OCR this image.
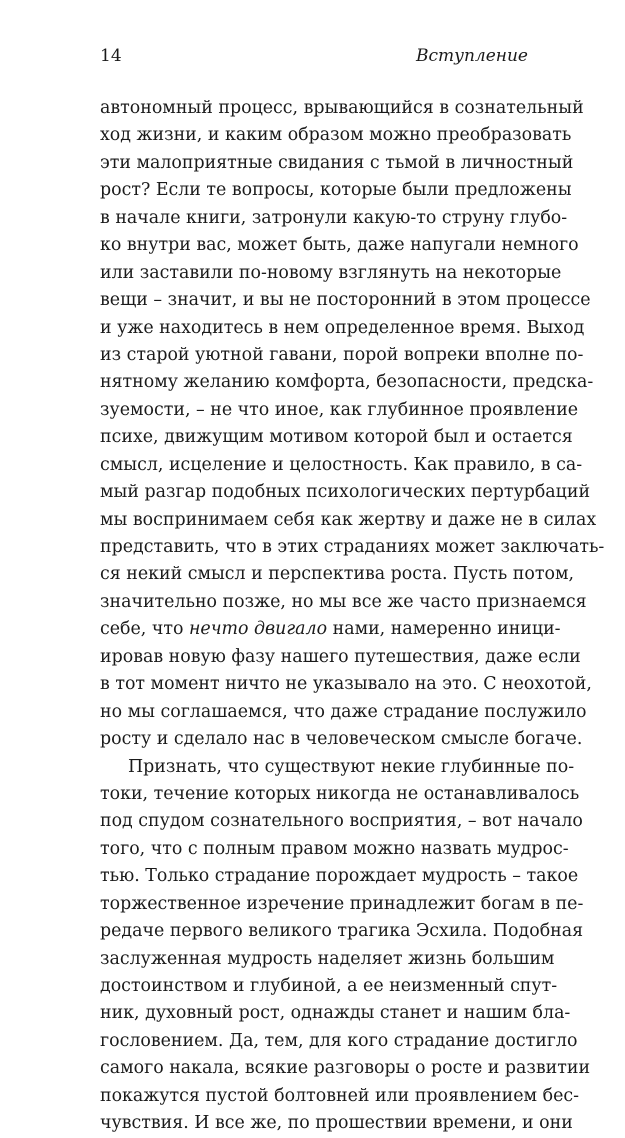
14	Вступление
автономный процесс, врывающийся в сознательный
ход жизни, и каким образом можно преобразовать
эти малоприятные свидания с тьмой в личностный
рост? Если те вопросы, которые были предложены
в начале книги, затронули какую-то струну глубо-
ко внутри вас, может быть, даже напугали немного
или заставили по-новому взглянуть на некоторые
вещи – значит, и вы не посторонний в этом процессе
и уже находитесь в нем определенное время. Выход
из старой уютной гавани, порой вопреки вполне по-
нятному желанию комфорта, безопасности, предска-
зуемости, – не что иное, как глубинное проявление
психе, движущим мотивом которой был и остается
смысл, исцеление и целостность. Как правило, в са-
мый разгар подобных психологических пертурбаций
мы воспринимаем себя как жертву и даже не в силах
представить, что в этих страданиях может заключать-
ся некий смысл и перспектива роста. Пусть потом,
значительно позже, но мы все же часто признаемся
себе, что нечто двигало нами, намеренно иници-
ировав новую фазу нашего путешествия, даже если
в тот момент ничто не указывало на это. С неохотой,
но мы соглашаемся, что даже страдание послужило
росту и сделало нас в человеческом смысле богаче.
Признать, что существуют некие глубинные по-
токи, течение которых никогда не останавливалось
под спудом сознательного восприятия, – вот начало
того, что с полным правом можно назвать мудрос-
тью. Только страдание порождает мудрость – такое
торжественное изречение принадлежит богам в пе-
редаче первого великого трагика Эсхила. Подобная
заслуженная мудрость наделяет жизнь большим
достоинством и глубиной, а ее неизменный спут-
ник, духовный рост, однажды станет и нашим бла-
гословением. Да, тем, для кого страдание достигло
самого накала, всякие разговоры о росте и развитии
покажутся пустой болтовней или проявлением бес-
чувствия. И все же, по прошествии времени, и они
